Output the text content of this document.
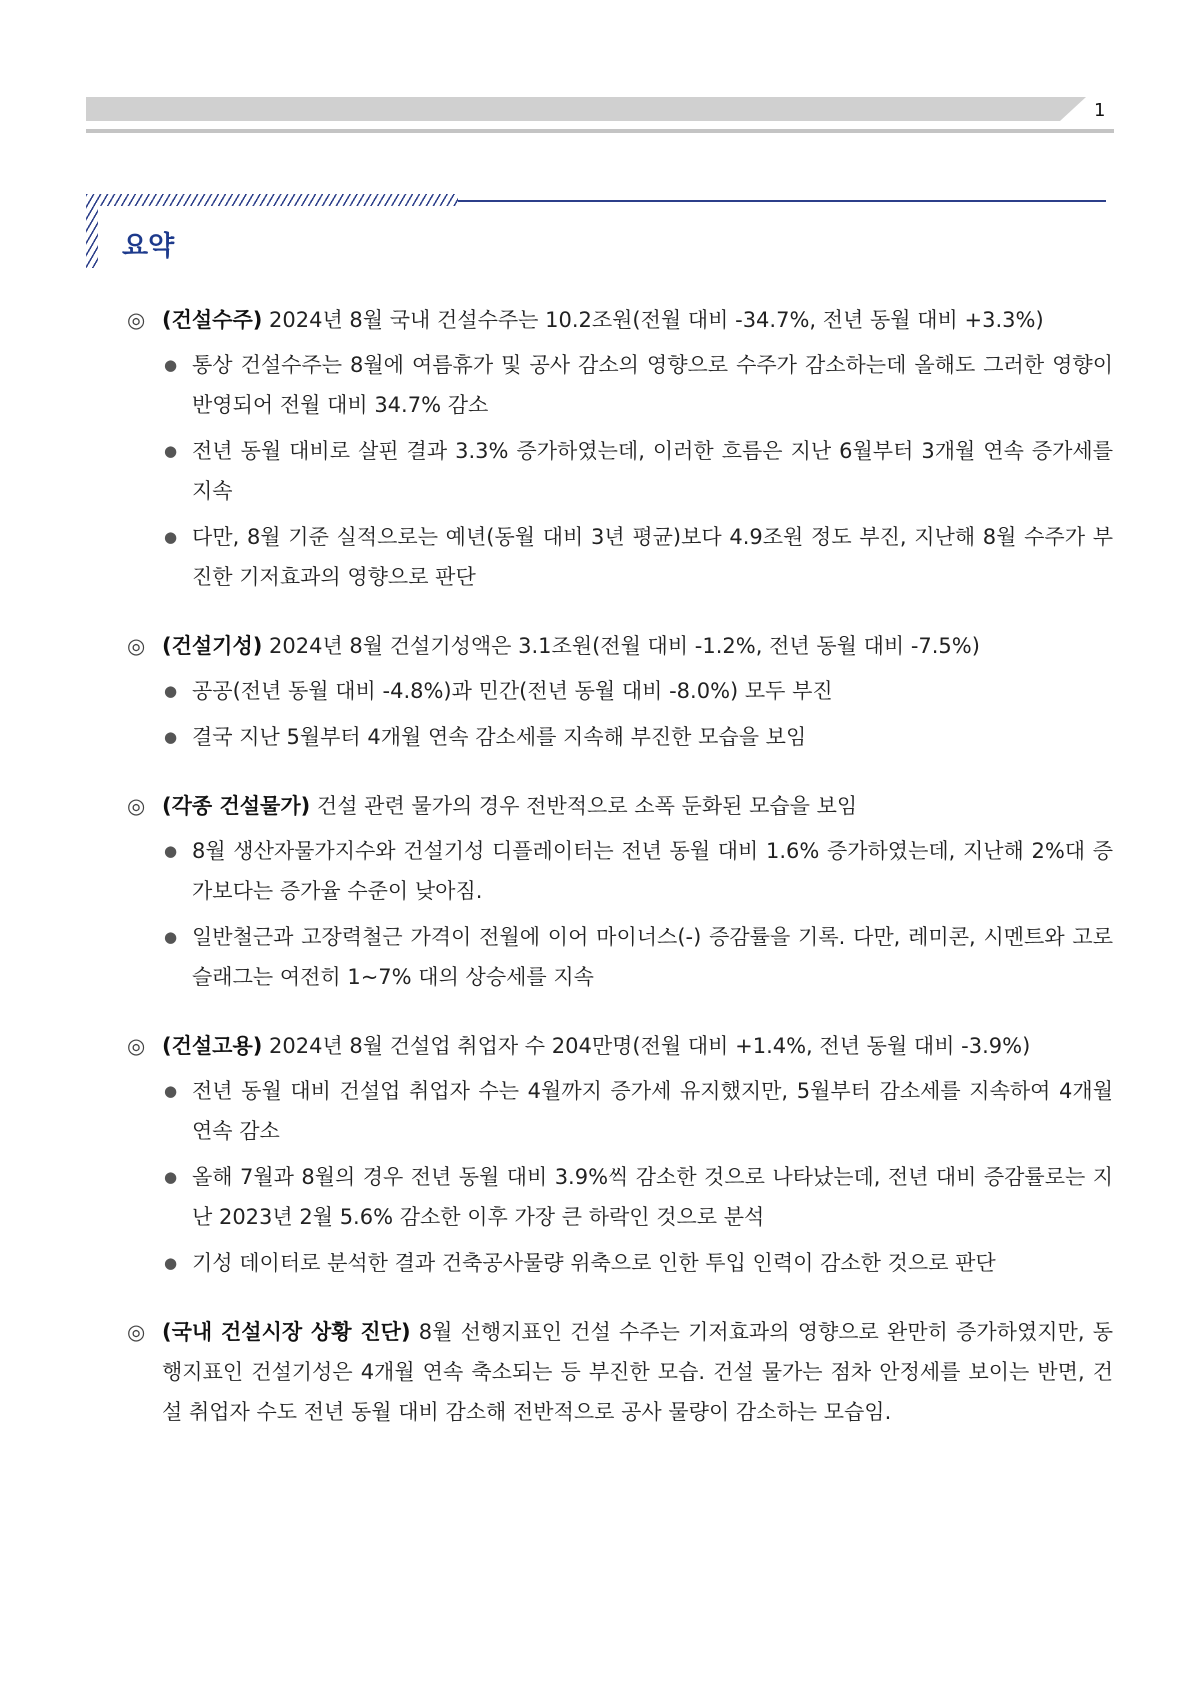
1
요약
◎ (건설수주) 2024년 8월 국내 건설수주는 10.2조원(전월 대비 -34.7%, 전년 동월 대비 +3.3%)
● 통상 건설수주는 8월에 여름휴가 및 공사 감소의 영향으로 수주가 감소하는데 올해도 그러한 영향이 반영되어 전월 대비 34.7% 감소
● 전년 동월 대비로 살핀 결과 3.3% 증가하였는데, 이러한 흐름은 지난 6월부터 3개월 연속 증가세를 지속
● 다만, 8월 기준 실적으로는 예년(동월 대비 3년 평균)보다 4.9조원 정도 부진, 지난해 8월 수주가 부진한 기저효과의 영향으로 판단
◎ (건설기성) 2024년 8월 건설기성액은 3.1조원(전월 대비 -1.2%, 전년 동월 대비 -7.5%)
● 공공(전년 동월 대비 -4.8%)과 민간(전년 동월 대비 -8.0%) 모두 부진
● 결국 지난 5월부터 4개월 연속 감소세를 지속해 부진한 모습을 보임
◎ (각종 건설물가) 건설 관련 물가의 경우 전반적으로 소폭 둔화된 모습을 보임
● 8월 생산자물가지수와 건설기성 디플레이터는 전년 동월 대비 1.6% 증가하였는데, 지난해 2%대 증가보다는 증가율 수준이 낮아짐.
● 일반철근과 고장력철근 가격이 전월에 이어 마이너스(-) 증감률을 기록. 다만, 레미콘, 시멘트와 고로슬래그는 여전히 1~7% 대의 상승세를 지속
◎ (건설고용) 2024년 8월 건설업 취업자 수 204만명(전월 대비 +1.4%, 전년 동월 대비 -3.9%)
● 전년 동월 대비 건설업 취업자 수는 4월까지 증가세 유지했지만, 5월부터 감소세를 지속하여 4개월 연속 감소
● 올해 7월과 8월의 경우 전년 동월 대비 3.9%씩 감소한 것으로 나타났는데, 전년 대비 증감률로는 지난 2023년 2월 5.6% 감소한 이후 가장 큰 하락인 것으로 분석
● 기성 데이터로 분석한 결과 건축공사물량 위축으로 인한 투입 인력이 감소한 것으로 판단
◎ (국내 건설시장 상황 진단) 8월 선행지표인 건설 수주는 기저효과의 영향으로 완만히 증가하였지만, 동행지표인 건설기성은 4개월 연속 축소되는 등 부진한 모습. 건설 물가는 점차 안정세를 보이는 반면, 건설 취업자 수도 전년 동월 대비 감소해 전반적으로 공사 물량이 감소하는 모습임.
